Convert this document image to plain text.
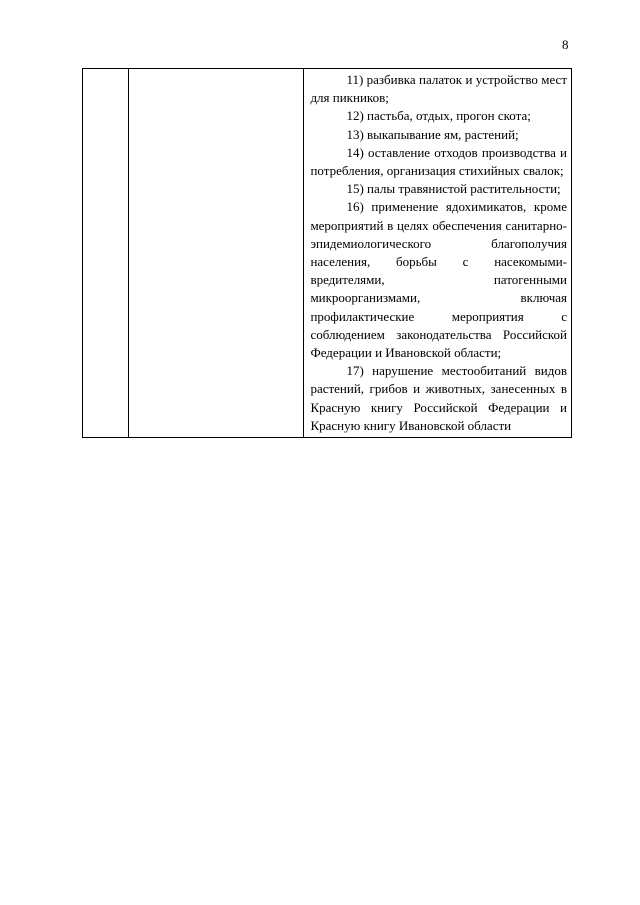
8

11) разбивка палаток и устройство мест для пикников;

12) пастьба, отдых, прогон скота;

13) выкапывание ям, растений;

14) оставление отходов производства и потребления, организация стихийных свалок;

15) палы травянистой растительности;

16) применение ядохимикатов, кроме мероприятий в целях обеспечения санитарно-эпидемиологического благополучия населения, борьбы с насекомыми-вредителями, патогенными микроорганизмами, включая профилактические мероприятия с соблюдением законодательства Российской Федерации и Ивановской области;

17) нарушение местообитаний видов растений, грибов и животных, занесенных в Красную книгу Российской Федерации и Красную книгу Ивановской области
